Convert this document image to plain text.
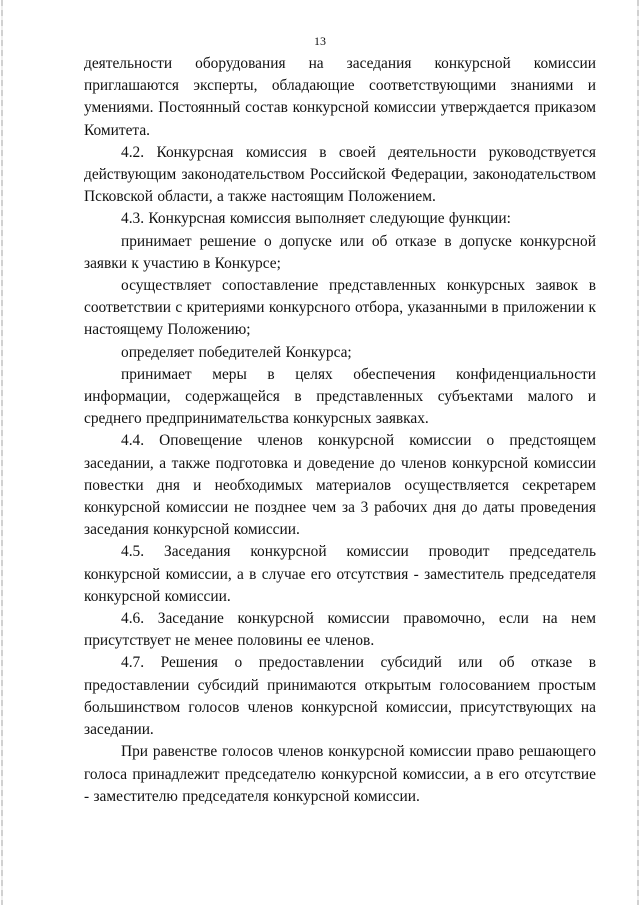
13

деятельности оборудования на заседания конкурсной комиссии приглашаются эксперты, обладающие соответствующими знаниями и умениями. Постоянный состав конкурсной комиссии утверждается приказом Комитета.

4.2. Конкурсная комиссия в своей деятельности руководствуется действующим законодательством Российской Федерации, законодательством Псковской области, а также настоящим Положением.

4.3. Конкурсная комиссия выполняет следующие функции:

принимает решение о допуске или об отказе в допуске конкурсной заявки к участию в Конкурсе;

осуществляет сопоставление представленных конкурсных заявок в соответствии с критериями конкурсного отбора, указанными в приложении к настоящему Положению;

определяет победителей Конкурса;

принимает меры в целях обеспечения конфиденциальности информации, содержащейся в представленных субъектами малого и среднего предпринимательства конкурсных заявках.

4.4. Оповещение членов конкурсной комиссии о предстоящем заседании, а также подготовка и доведение до членов конкурсной комиссии повестки дня и необходимых материалов осуществляется секретарем конкурсной комиссии не позднее чем за 3 рабочих дня до даты проведения заседания конкурсной комиссии.

4.5. Заседания конкурсной комиссии проводит председатель конкурсной комиссии, а в случае его отсутствия - заместитель председателя конкурсной комиссии.

4.6. Заседание конкурсной комиссии правомочно, если на нем присутствует не менее половины ее членов.

4.7. Решения о предоставлении субсидий или об отказе в предоставлении субсидий принимаются открытым голосованием простым большинством голосов членов конкурсной комиссии, присутствующих на заседании.

При равенстве голосов членов конкурсной комиссии право решающего голоса принадлежит председателю конкурсной комиссии, а в его отсутствие - заместителю председателя конкурсной комиссии.
